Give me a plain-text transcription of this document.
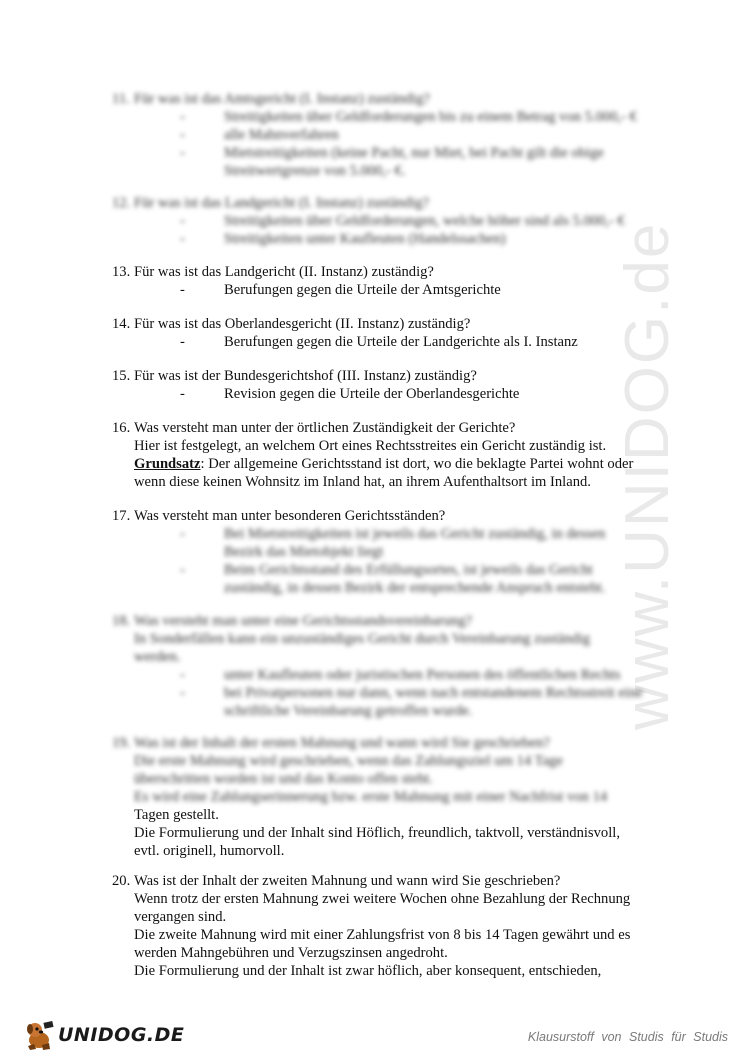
www.UNIDOG.de
11. Für was ist das Amtsgericht (I. Instanz) zuständig?
-	Streitigkeiten über Geldforderungen bis zu einem Betrag von 5.000,- €
-	alle Mahnverfahren
-	Mietstreitigkeiten (keine Pacht, nur Miet, bei Pacht gilt die obige
Streitwertgrenze von 5.000,- €.
12. Für was ist das Landgericht (I. Instanz) zuständig?
-	Streitigkeiten über Geldforderungen, welche höher sind als 5.000,- €
-	Streitigkeiten unter Kaufleuten (Handelssachen)
13. Für was ist das Landgericht (II. Instanz) zuständig?
-	Berufungen gegen die Urteile der Amtsgerichte
14. Für was ist das Oberlandesgericht (II. Instanz) zuständig?
-	Berufungen gegen die Urteile der Landgerichte als I. Instanz
15. Für was ist der Bundesgerichtshof (III. Instanz) zuständig?
-	Revision gegen die Urteile der Oberlandesgerichte
16. Was versteht man unter der örtlichen Zuständigkeit der Gerichte?
Hier ist festgelegt, an welchem Ort eines Rechtsstreites ein Gericht zuständig ist.
Grundsatz: Der allgemeine Gerichtsstand ist dort, wo die beklagte Partei wohnt oder
wenn diese keinen Wohnsitz im Inland hat, an ihrem Aufenthaltsort im Inland.
17. Was versteht man unter besonderen Gerichtsständen?
-	Bei Mietstreitigkeiten ist jeweils das Gericht zuständig, in dessen
Bezirk das Mietobjekt liegt
-	Beim Gerichtsstand des Erfüllungsortes, ist jeweils das Gericht
zuständig, in dessen Bezirk der entsprechende Anspruch entsteht.
18. Was versteht man unter eine Gerichtsstandsvereinbarung?
In Sonderfällen kann ein unzuständiges Gericht durch Vereinbarung zuständig
werden.
-	unter Kaufleuten oder juristischen Personen des öffentlichen Rechts
-	bei Privatpersonen nur dann, wenn nach entstandenem Rechtsstreit eine
schriftliche Vereinbarung getroffen wurde.
19. Was ist der Inhalt der ersten Mahnung und wann wird Sie geschrieben?
Die erste Mahnung wird geschrieben, wenn das Zahlungsziel um 14 Tage
überschritten worden ist und das Konto offen steht.
Es wird eine Zahlungserinnerung bzw. erste Mahnung mit einer Nachfrist von 14
Tagen gestellt.
Die Formulierung und der Inhalt sind Höflich, freundlich, taktvoll, verständnisvoll,
evtl. originell, humorvoll.
20. Was ist der Inhalt der zweiten Mahnung und wann wird Sie geschrieben?
Wenn trotz der ersten Mahnung zwei weitere Wochen ohne Bezahlung der Rechnung
vergangen sind.
Die zweite Mahnung wird mit einer Zahlungsfrist von 8 bis 14 Tagen gewährt und es
werden Mahngebühren und Verzugszinsen angedroht.
Die Formulierung und der Inhalt ist zwar höflich, aber konsequent, entschieden,
UNIDOG.DE	Klausurstoff von Studis für Studis
